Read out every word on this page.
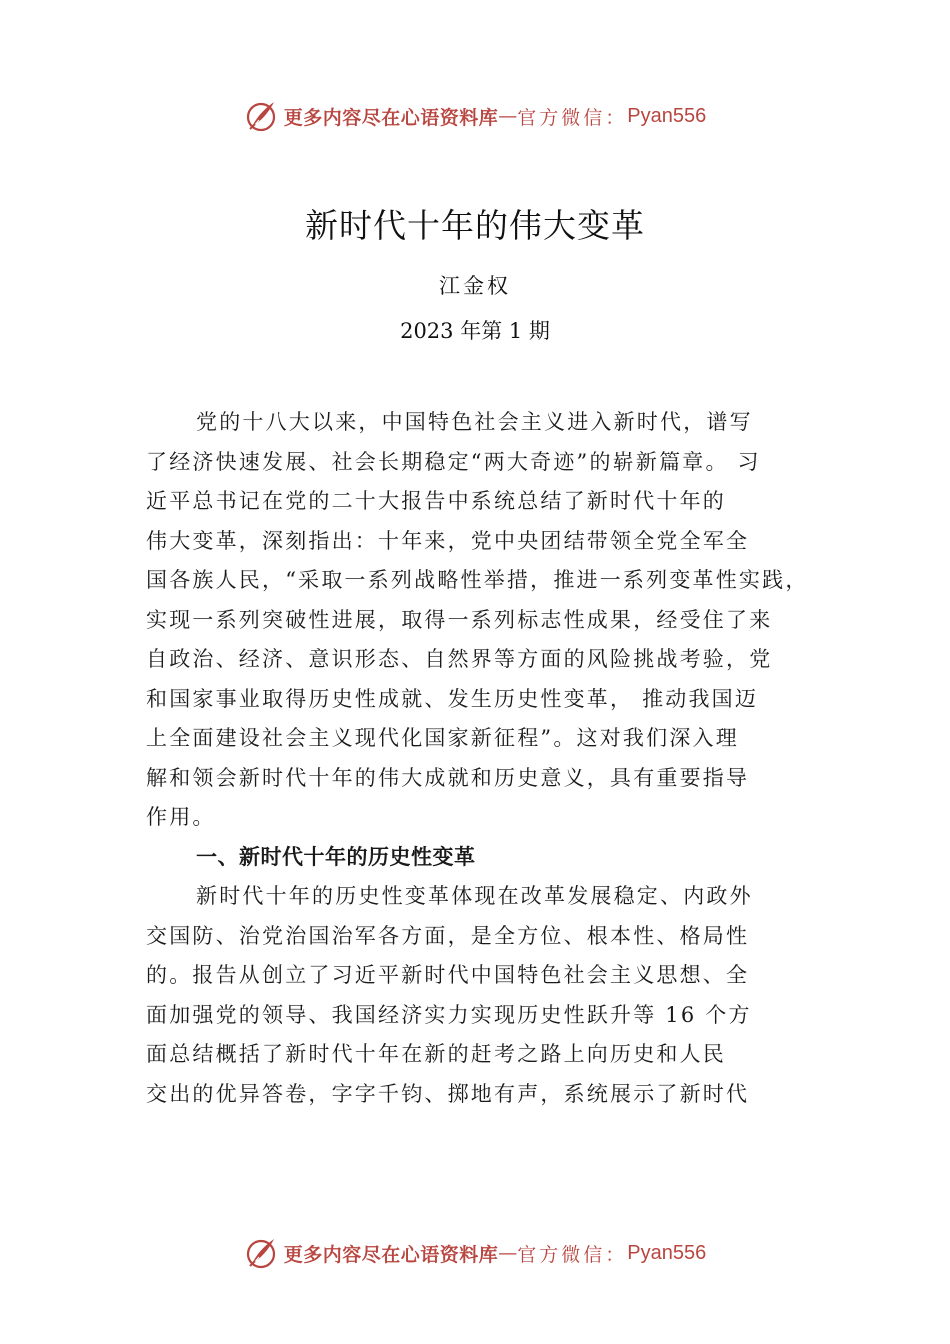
更多内容尽在心语资料库 — 官方微信： Pyan556
新时代十年的伟大变革
江金权
2023 年第 1 期
党的十八大以来，中国特色社会主义进入新时代，谱写
了经济快速发展、社会长期稳定“两大奇迹”的崭新篇章。 习
近平总书记在党的二十大报告中系统总结了新时代十年的
伟大变革，深刻指出：十年来，党中央团结带领全党全军全
国各族人民，“采取一系列战略性举措，推进一系列变革性实践，
实现一系列突破性进展，取得一系列标志性成果，经受住了来
自政治、经济、意识形态、自然界等方面的风险挑战考验，党
和国家事业取得历史性成就、发生历史性变革， 推动我国迈
上全面建设社会主义现代化国家新征程”。这对我们深入理
解和领会新时代十年的伟大成就和历史意义，具有重要指导
作用。
一、新时代十年的历史性变革
新时代十年的历史性变革体现在改革发展稳定、内政外
交国防、治党治国治军各方面，是全方位、根本性、格局性
的。报告从创立了习近平新时代中国特色社会主义思想、全
面加强党的领导、我国经济实力实现历史性跃升等 16 个方
面总结概括了新时代十年在新的赶考之路上向历史和人民
交出的优异答卷，字字千钧、掷地有声，系统展示了新时代
更多内容尽在心语资料库 — 官方微信： Pyan556
